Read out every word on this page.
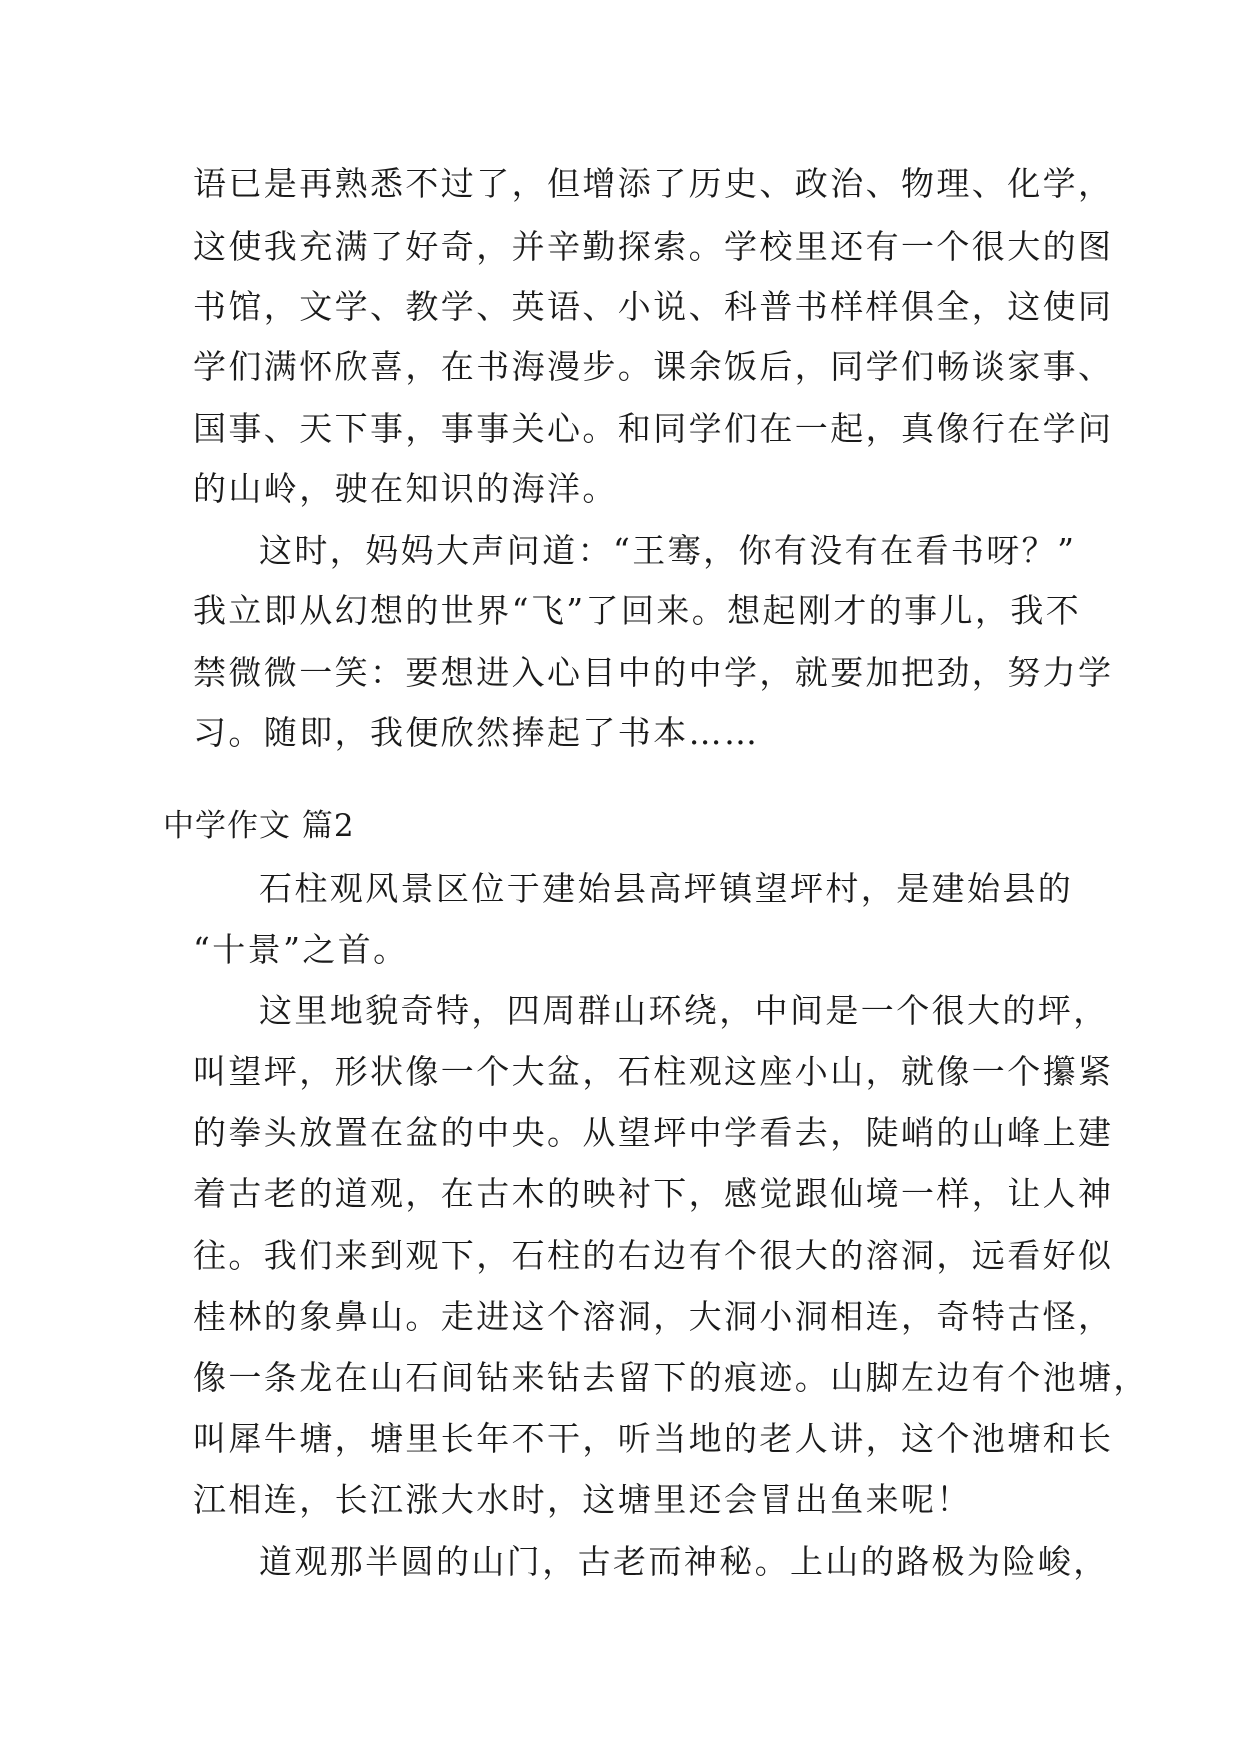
语已是再熟悉不过了，但增添了历史、政治、物理、化学，
这使我充满了好奇，并辛勤探索。学校里还有一个很大的图
书馆，文学、教学、英语、小说、科普书样样俱全，这使同
学们满怀欣喜，在书海漫步。课余饭后，同学们畅谈家事、
国事、天下事，事事关心。和同学们在一起，真像行在学问
的山岭，驶在知识的海洋。
这时，妈妈大声问道：“王骞，你有没有在看书呀？”
我立即从幻想的世界“飞”了回来。想起刚才的事儿，我不
禁微微一笑：要想进入心目中的中学，就要加把劲，努力学
习。随即，我便欣然捧起了书本……
中学作文 篇2
石柱观风景区位于建始县高坪镇望坪村，是建始县的
“十景”之首。
这里地貌奇特，四周群山环绕，中间是一个很大的坪，
叫望坪，形状像一个大盆，石柱观这座小山，就像一个攥紧
的拳头放置在盆的中央。从望坪中学看去，陡峭的山峰上建
着古老的道观，在古木的映衬下，感觉跟仙境一样，让人神
往。我们来到观下，石柱的右边有个很大的溶洞，远看好似
桂林的象鼻山。走进这个溶洞，大洞小洞相连，奇特古怪，
像一条龙在山石间钻来钻去留下的痕迹。山脚左边有个池塘，
叫犀牛塘，塘里长年不干，听当地的老人讲，这个池塘和长
江相连，长江涨大水时，这塘里还会冒出鱼来呢！
道观那半圆的山门，古老而神秘。上山的路极为险峻，
